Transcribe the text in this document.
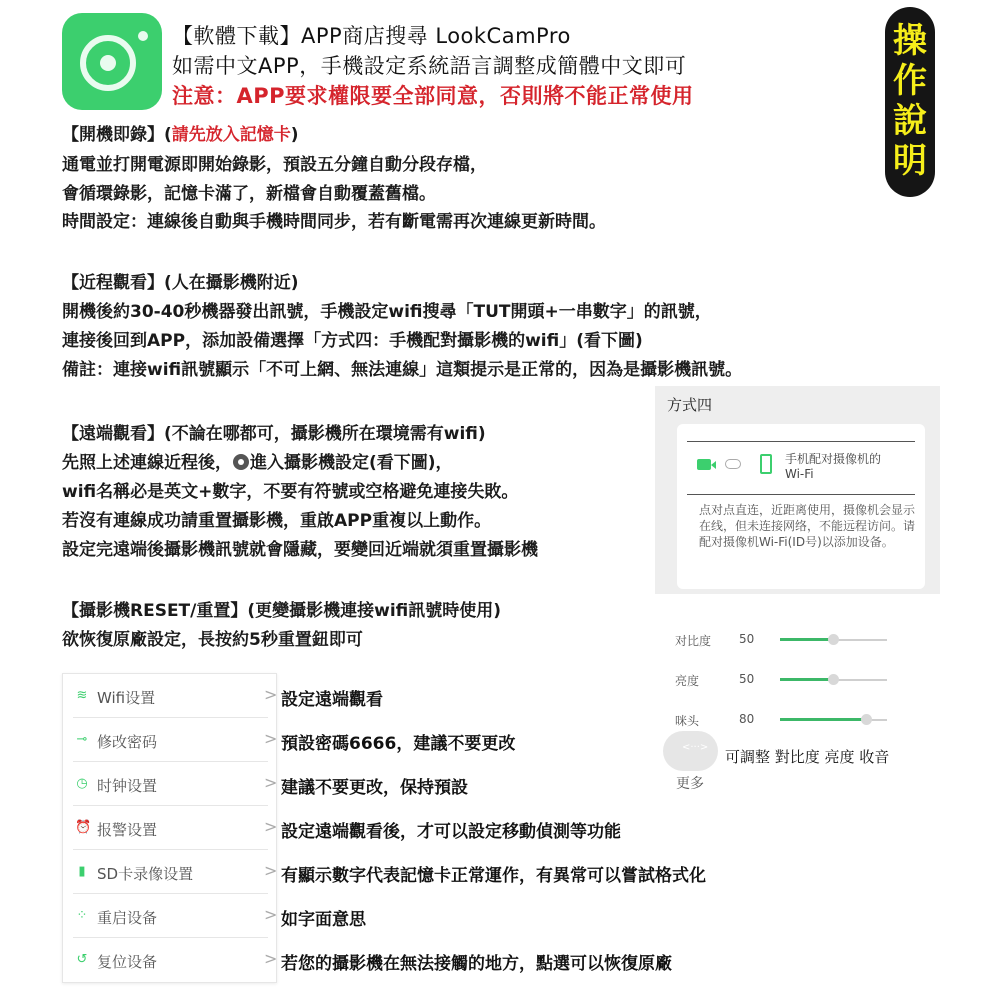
【軟體下載】APP商店搜尋 LookCamPro
如需中文APP，手機設定系統語言調整成簡體中文即可
注意：APP要求權限要全部同意，否則將不能正常使用
操
作
說
明
【開機即錄】(請先放入記憶卡)
通電並打開電源即開始錄影，預設五分鐘自動分段存檔，
會循環錄影，記憶卡滿了，新檔會自動覆蓋舊檔。
時間設定：連線後自動與手機時間同步，若有斷電需再次連線更新時間。
【近程觀看】(人在攝影機附近)
開機後約30-40秒機器發出訊號，手機設定wifi搜尋「TUT開頭+一串數字」的訊號，
連接後回到APP，添加設備選擇「方式四：手機配對攝影機的wifi」(看下圖)
備註：連接wifi訊號顯示「不可上網、無法連線」這類提示是正常的，因為是攝影機訊號。
【遠端觀看】(不論在哪都可，攝影機所在環境需有wifi)
先照上述連線近程後， 進入攝影機設定(看下圖)，
wifi名稱必是英文+數字，不要有符號或空格避免連接失敗。
若沒有連線成功請重置攝影機，重啟APP重複以上動作。
設定完遠端後攝影機訊號就會隱藏，要變回近端就須重置攝影機
【攝影機RESET/重置】(更變攝影機連接wifi訊號時使用)
欲恢復原廠設定，長按約5秒重置鈕即可
方式四
手机配对摄像机的
Wi-Fi
点对点直连，近距离使用，摄像机会显示在线，但未连接网络，不能远程访问。请配对摄像机Wi-Fi(ID号)以添加设备。
对比度 50
亮度	50
咪头	80
<···>
更多
可調整 對比度 亮度 收音
≋ Wifi设置
⊸ 修改密码
◷ 时钟设置
⏰ 报警设置
▮ SD卡录像设置
⁘ 重启设备
↺ 复位设备
> 設定遠端觀看
> 預設密碼6666，建議不要更改
> 建議不要更改，保持預設
> 設定遠端觀看後，才可以設定移動偵測等功能
> 有顯示數字代表記憶卡正常運作，有異常可以嘗試格式化
> 如字面意思
> 若您的攝影機在無法接觸的地方，點選可以恢復原廠
